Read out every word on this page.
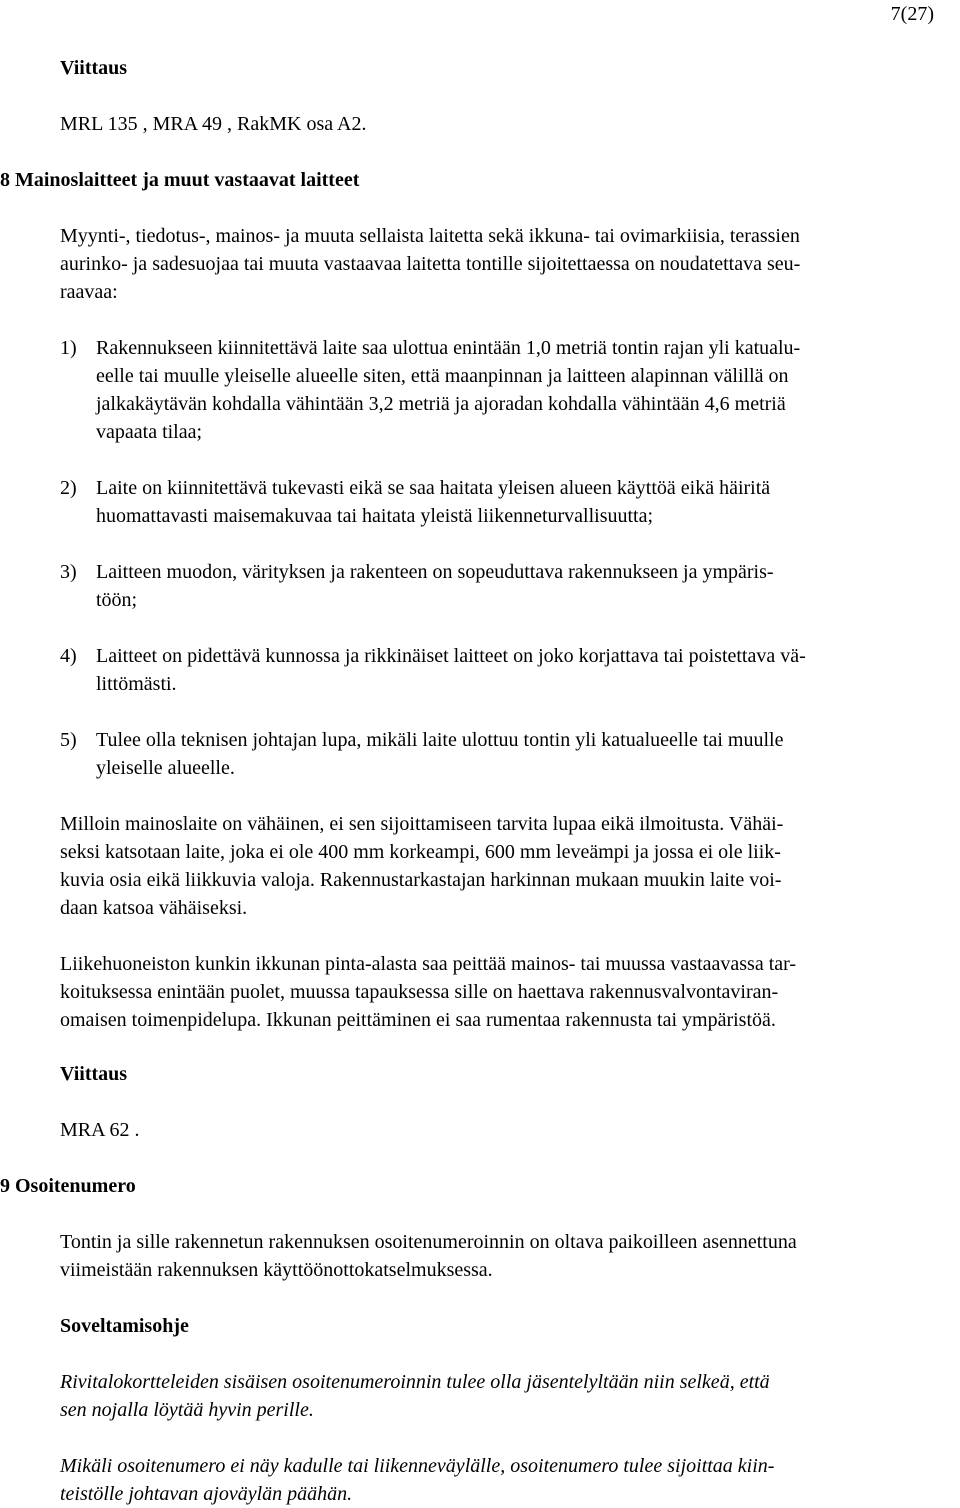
7(27)

Viittaus

MRL 135 , MRA 49 , RakMK osa A2.

8 Mainoslaitteet ja muut vastaavat laitteet

Myynti-, tiedotus-, mainos- ja muuta sellaista laitetta sekä ikkuna- tai ovimarkiisia, terassien
aurinko- ja sadesuojaa tai muuta vastaavaa laitetta tontille sijoitettaessa on noudatettava seu-
raavaa:
1) Rakennukseen kiinnitettävä laite saa ulottua enintään 1,0 metriä tontin rajan yli katualu-
eelle tai muulle yleiselle alueelle siten, että maanpinnan ja laitteen alapinnan välillä on
jalkakäytävän kohdalla vähintään 3,2 metriä ja ajoradan kohdalla vähintään 4,6 metriä
vapaata tilaa;
2) Laite on kiinnitettävä tukevasti eikä se saa haitata yleisen alueen käyttöä eikä häiritä
huomattavasti maisemakuvaa tai haitata yleistä liikenneturvallisuutta;
3) Laitteen muodon, värityksen ja rakenteen on sopeuduttava rakennukseen ja ympäris-
töön;
4) Laitteet on pidettävä kunnossa ja rikkinäiset laitteet on joko korjattava tai poistettava vä-
littömästi.
5) Tulee olla teknisen johtajan lupa, mikäli laite ulottuu tontin yli katualueelle tai muulle
yleiselle alueelle.
Milloin mainoslaite on vähäinen, ei sen sijoittamiseen tarvita lupaa eikä ilmoitusta. Vähäi-
seksi katsotaan laite, joka ei ole 400 mm korkeampi, 600 mm leveämpi ja jossa ei ole liik-
kuvia osia eikä liikkuvia valoja. Rakennustarkastajan harkinnan mukaan muukin laite voi-
daan katsoa vähäiseksi.
Liikehuoneiston kunkin ikkunan pinta-alasta saa peittää mainos- tai muussa vastaavassa tar-
koituksessa enintään puolet, muussa tapauksessa sille on haettava rakennusvalvontaviran-
omaisen toimenpidelupa. Ikkunan peittäminen ei saa rumentaa rakennusta tai ympäristöä.

Viittaus

MRA 62 .

9 Osoitenumero

Tontin ja sille rakennetun rakennuksen osoitenumeroinnin on oltava paikoilleen asennettuna
viimeistään rakennuksen käyttöönottokatselmuksessa.

Soveltamisohje

Rivitalokortteleiden sisäisen osoitenumeroinnin tulee olla jäsentelyltään niin selkeä, että
sen nojalla löytää hyvin perille.
Mikäli osoitenumero ei näy kadulle tai liikenneväylälle, osoitenumero tulee sijoittaa kiin-
teistölle johtavan ajoväylän päähän.
